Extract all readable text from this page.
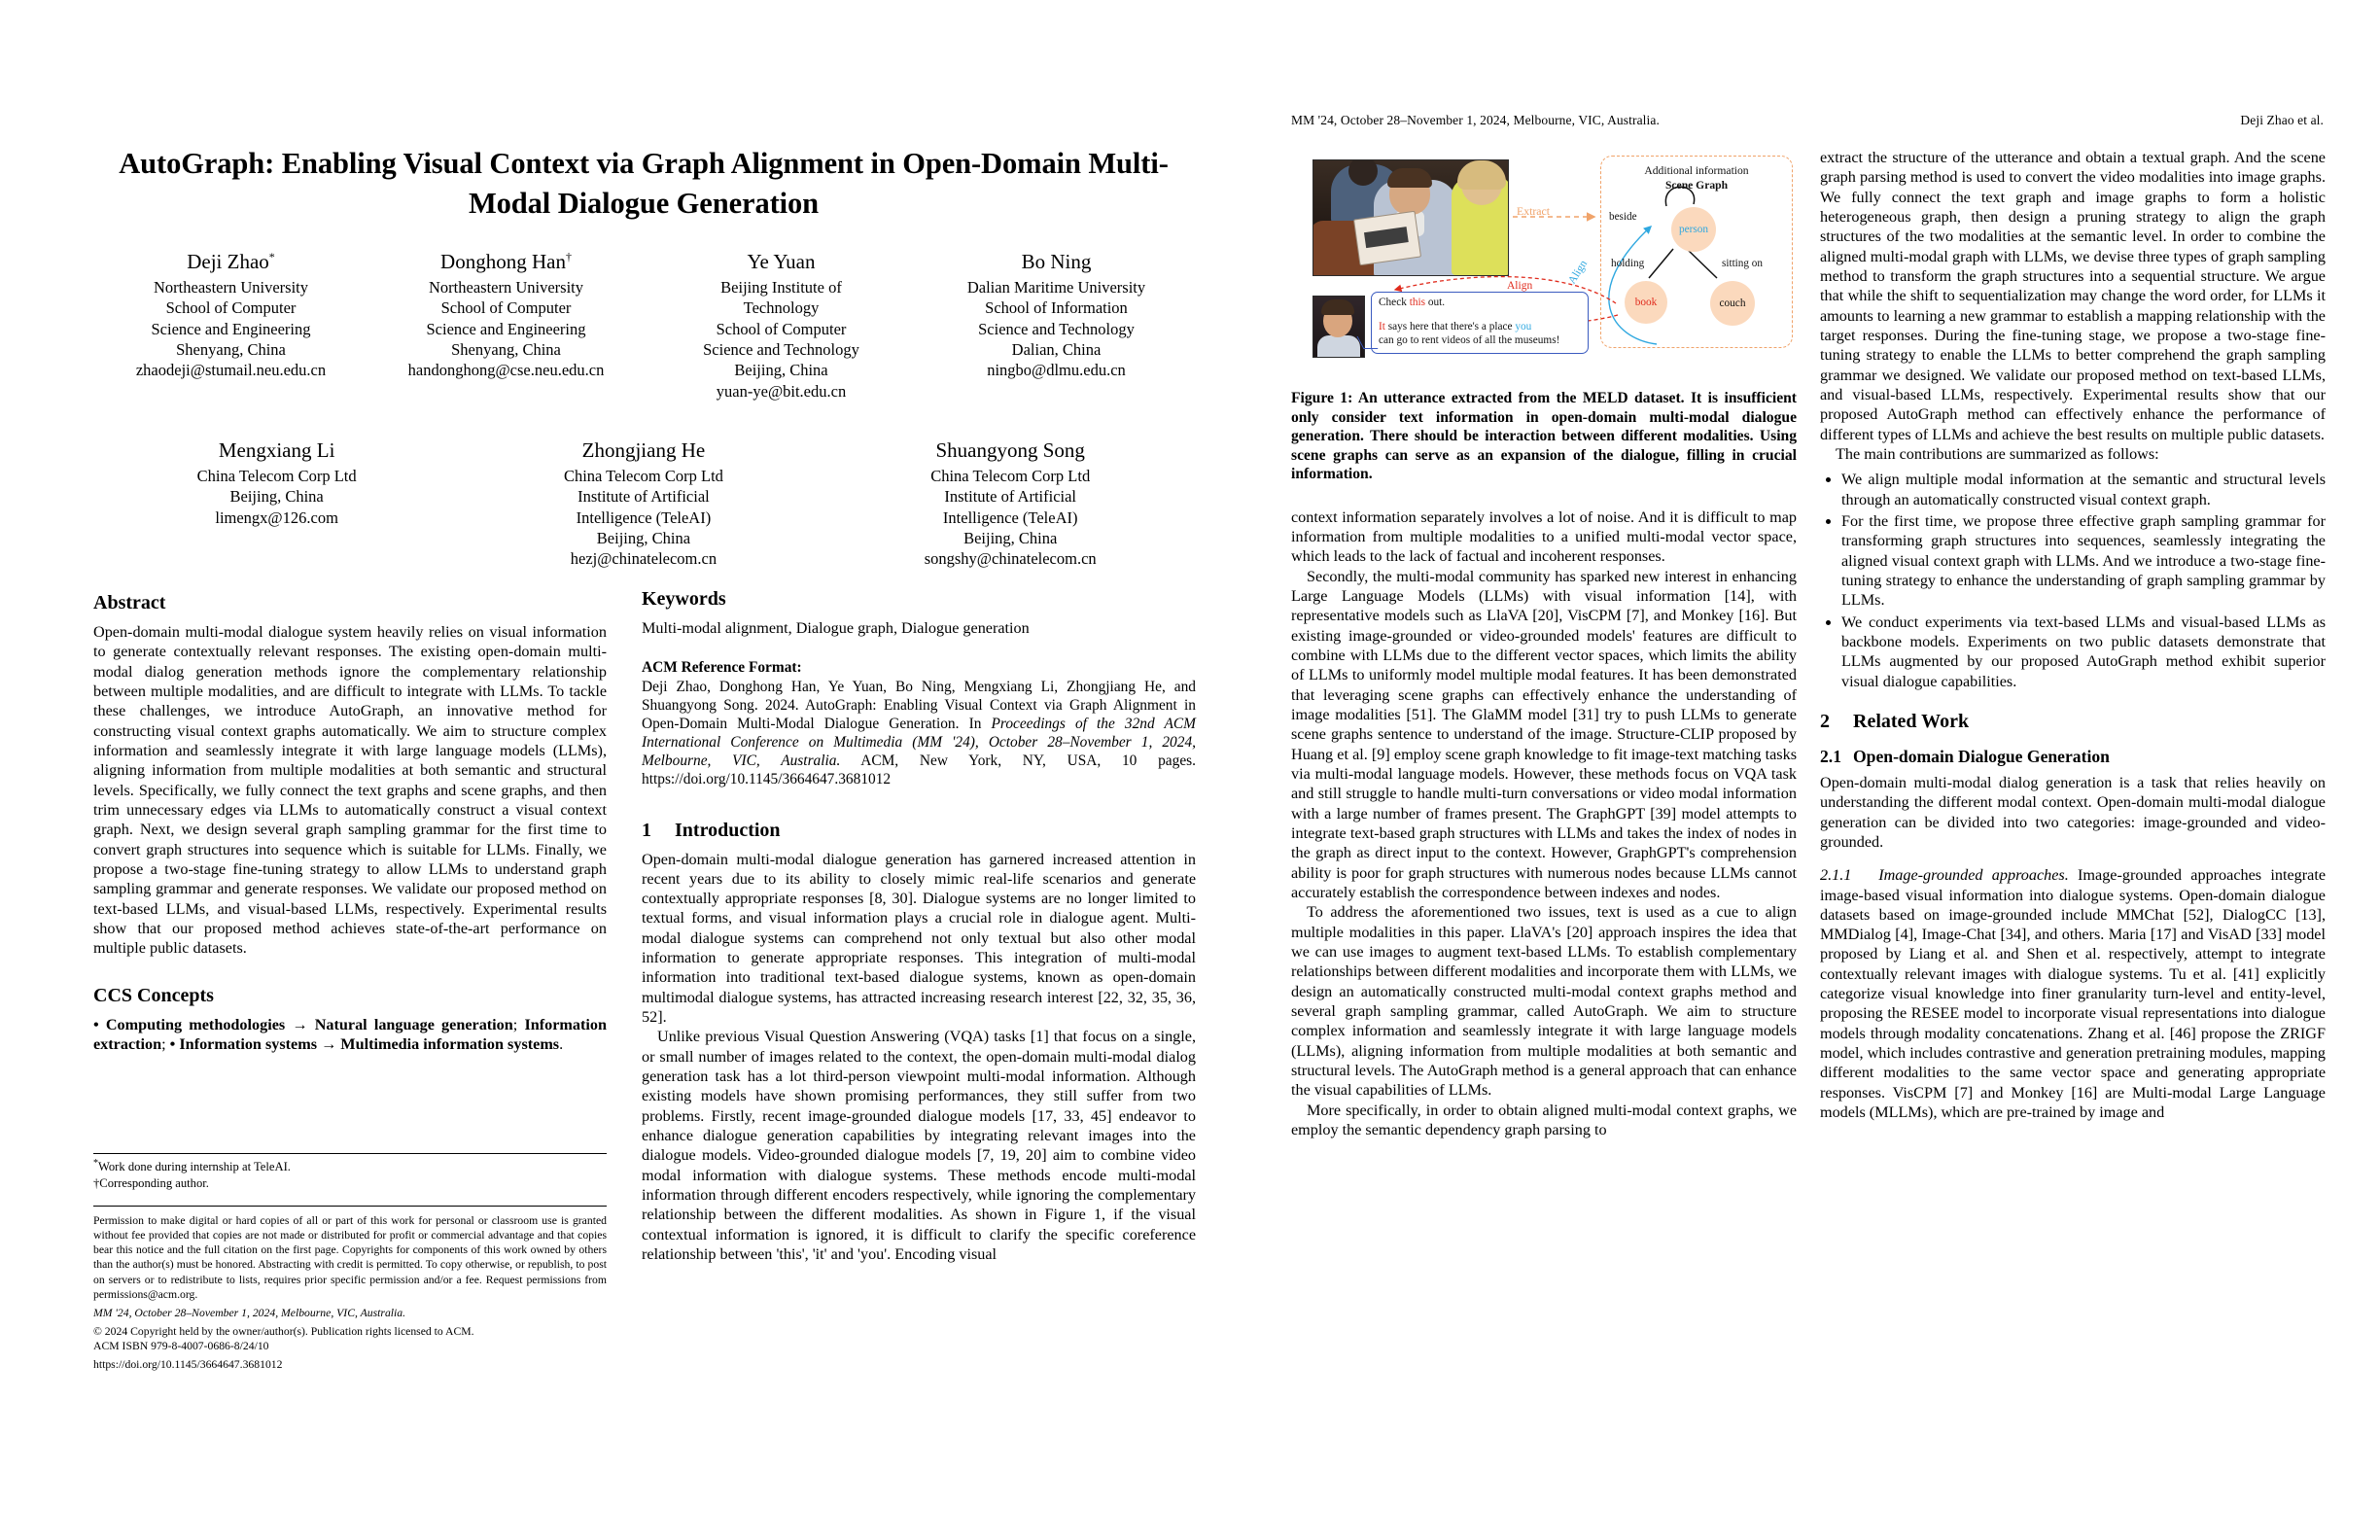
MM '24, October 28–November 1, 2024, Melbourne, VIC, Australia.	Deji Zhao et al.
AutoGraph: Enabling Visual Context via Graph Alignment in Open-Domain Multi-Modal Dialogue Generation
Deji Zhao*
Northeastern University
School of Computer
Science and Engineering
Shenyang, China
zhaodeji@stumail.neu.edu.cn
Donghong Han†
Northeastern University
School of Computer
Science and Engineering
Shenyang, China
handonghong@cse.neu.edu.cn
Ye Yuan
Beijing Institute of
Technology
School of Computer
Science and Technology
Beijing, China
yuan-ye@bit.edu.cn
Bo Ning
Dalian Maritime University
School of Information
Science and Technology
Dalian, China
ningbo@dlmu.edu.cn
Mengxiang Li
China Telecom Corp Ltd
Beijing, China
limengx@126.com
Zhongjiang He
China Telecom Corp Ltd
Institute of Artificial
Intelligence (TeleAI)
Beijing, China
hezj@chinatelecom.cn
Shuangyong Song
China Telecom Corp Ltd
Institute of Artificial
Intelligence (TeleAI)
Beijing, China
songshy@chinatelecom.cn
Abstract

Open-domain multi-modal dialogue system heavily relies on visual information to generate contextually relevant responses. The existing open-domain multi-modal dialog generation methods ignore the complementary relationship between multiple modalities, and are difficult to integrate with LLMs. To tackle these challenges, we introduce AutoGraph, an innovative method for constructing visual context graphs automatically. We aim to structure complex information and seamlessly integrate it with large language models (LLMs), aligning information from multiple modalities at both semantic and structural levels. Specifically, we fully connect the text graphs and scene graphs, and then trim unnecessary edges via LLMs to automatically construct a visual context graph. Next, we design several graph sampling grammar for the first time to convert graph structures into sequence which is suitable for LLMs. Finally, we propose a two-stage fine-tuning strategy to allow LLMs to understand graph sampling grammar and generate responses. We validate our proposed method on text-based LLMs, and visual-based LLMs, respectively. Experimental results show that our proposed method achieves state-of-the-art performance on multiple public datasets.

CCS Concepts

• Computing methodologies → Natural language generation; Information extraction; • Information systems → Multimedia information systems.

*Work done during internship at TeleAI.
†Corresponding author.
Permission to make digital or hard copies of all or part of this work for personal or classroom use is granted without fee provided that copies are not made or distributed for profit or commercial advantage and that copies bear this notice and the full citation on the first page. Copyrights for components of this work owned by others than the author(s) must be honored. Abstracting with credit is permitted. To copy otherwise, or republish, to post on servers or to redistribute to lists, requires prior specific permission and/or a fee. Request permissions from permissions@acm.org.
MM '24, October 28–November 1, 2024, Melbourne, VIC, Australia.
© 2024 Copyright held by the owner/author(s). Publication rights licensed to ACM.
ACM ISBN 979-8-4007-0686-8/24/10
https://doi.org/10.1145/3664647.3681012
Keywords

Multi-modal alignment, Dialogue graph, Dialogue generation

ACM Reference Format:

Deji Zhao, Donghong Han, Ye Yuan, Bo Ning, Mengxiang Li, Zhongjiang He, and Shuangyong Song. 2024. AutoGraph: Enabling Visual Context via Graph Alignment in Open-Domain Multi-Modal Dialogue Generation. In Proceedings of the 32nd ACM International Conference on Multimedia (MM '24), October 28–November 1, 2024, Melbourne, VIC, Australia. ACM, New York, NY, USA, 10 pages. https://doi.org/10.1145/3664647.3681012

1 Introduction

Open-domain multi-modal dialogue generation has garnered increased attention in recent years due to its ability to closely mimic real-life scenarios and generate contextually appropriate responses [8, 30]. Dialogue systems are no longer limited to textual forms, and visual information plays a crucial role in dialogue agent. Multi-modal dialogue systems can comprehend not only textual but also other modal information to generate appropriate responses. This integration of multi-modal information into traditional text-based dialogue systems, known as open-domain multimodal dialogue systems, has attracted increasing research interest [22, 32, 35, 36, 52].

Unlike previous Visual Question Answering (VQA) tasks [1] that focus on a single, or small number of images related to the context, the open-domain multi-modal dialog generation task has a lot third-person viewpoint multi-modal information. Although existing models have shown promising performances, they still suffer from two problems. Firstly, recent image-grounded dialogue models [17, 33, 45] endeavor to enhance dialogue generation capabilities by integrating relevant images into the dialogue models. Video-grounded dialogue models [7, 19, 20] aim to combine video modal information with dialogue systems. These methods encode multi-modal information through different encoders respectively, while ignoring the complementary relationship between the different modalities. As shown in Figure 1, if the visual contextual information is ignored, it is difficult to clarify the specific coreference relationship between 'this', 'it' and 'you'. Encoding visual

Extract
Align
Align
Additional information
Scene Graph
person
book	couch
beside
holding	sitting on
Check this out.
It says here that there's a place you
can go to rent videos of all the museums!
Figure 1: An utterance extracted from the MELD dataset. It is insufficient only consider text information in open-domain multi-modal dialogue generation. There should be interaction between different modalities. Using scene graphs can serve as an expansion of the dialogue, filling in crucial information.

context information separately involves a lot of noise. And it is difficult to map information from multiple modalities to a unified multi-modal vector space, which leads to the lack of factual and incoherent responses.

Secondly, the multi-modal community has sparked new interest in enhancing Large Language Models (LLMs) with visual information [14], with representative models such as LlaVA [20], VisCPM [7], and Monkey [16]. But existing image-grounded or video-grounded models' features are difficult to combine with LLMs due to the different vector spaces, which limits the ability of LLMs to uniformly model multiple modal features. It has been demonstrated that leveraging scene graphs can effectively enhance the understanding of image modalities [51]. The GlaMM model [31] try to push LLMs to generate scene graphs sentence to understand of the image. Structure-CLIP proposed by Huang et al. [9] employ scene graph knowledge to fit image-text matching tasks via multi-modal language models. However, these methods focus on VQA task and still struggle to handle multi-turn conversations or video modal information with a large number of frames present. The GraphGPT [39] model attempts to integrate text-based graph structures with LLMs and takes the index of nodes in the graph as direct input to the context. However, GraphGPT's comprehension ability is poor for graph structures with numerous nodes because LLMs cannot accurately establish the correspondence between indexes and nodes.

To address the aforementioned two issues, text is used as a cue to align multiple modalities in this paper. LlaVA's [20] approach inspires the idea that we can use images to augment text-based LLMs. To establish complementary relationships between different modalities and incorporate them with LLMs, we design an automatically constructed multi-modal context graphs method and several graph sampling grammar, called AutoGraph. We aim to structure complex information and seamlessly integrate it with large language models (LLMs), aligning information from multiple modalities at both semantic and structural levels. The AutoGraph method is a general approach that can enhance the visual capabilities of LLMs.

More specifically, in order to obtain aligned multi-modal context graphs, we employ the semantic dependency graph parsing to

extract the structure of the utterance and obtain a textual graph. And the scene graph parsing method is used to convert the video modalities into image graphs. We fully connect the text graph and image graphs to form a holistic heterogeneous graph, then design a pruning strategy to align the graph structures of the two modalities at the semantic level. In order to combine the aligned multi-modal graph with LLMs, we devise three types of graph sampling method to transform the graph structures into a sequential structure. We argue that while the shift to sequentialization may change the word order, for LLMs it amounts to learning a new grammar to establish a mapping relationship with the target responses. During the fine-tuning stage, we propose a two-stage fine-tuning strategy to enable the LLMs to better comprehend the graph sampling grammar we designed. We validate our proposed method on text-based LLMs, and visual-based LLMs, respectively. Experimental results show that our proposed AutoGraph method can effectively enhance the performance of different types of LLMs and achieve the best results on multiple public datasets.

The main contributions are summarized as follows:

• We align multiple modal information at the semantic and structural levels through an automatically constructed visual context graph.
• For the first time, we propose three effective graph sampling grammar for transforming graph structures into sequences, seamlessly integrating the aligned visual context graph with LLMs. And we introduce a two-stage fine-tuning strategy to enhance the understanding of graph sampling grammar by LLMs.
• We conduct experiments via text-based LLMs and visual-based LLMs as backbone models. Experiments on two public datasets demonstrate that LLMs augmented by our proposed AutoGraph method exhibit superior visual dialogue capabilities.
2 Related Work
2.1 Open-domain Dialogue Generation

Open-domain multi-modal dialog generation is a task that relies heavily on understanding the different modal context. Open-domain multi-modal dialogue generation can be divided into two categories: image-grounded and video-grounded.

2.1.1 Image-grounded approaches. Image-grounded approaches integrate image-based visual information into dialogue systems. Open-domain dialogue datasets based on image-grounded include MMChat [52], DialogCC [13], MMDialog [4], Image-Chat [34], and others. Maria [17] and VisAD [33] model proposed by Liang et al. and Shen et al. respectively, attempt to integrate contextually relevant images with dialogue systems. Tu et al. [41] explicitly categorize visual knowledge into finer granularity turn-level and entity-level, proposing the RESEE model to incorporate visual representations into dialogue models through modality concatenations. Zhang et al. [46] propose the ZRIGF model, which includes contrastive and generation pretraining modules, mapping different modalities to the same vector space and generating appropriate responses. VisCPM [7] and Monkey [16] are Multi-modal Large Language models (MLLMs), which are pre-trained by image and
